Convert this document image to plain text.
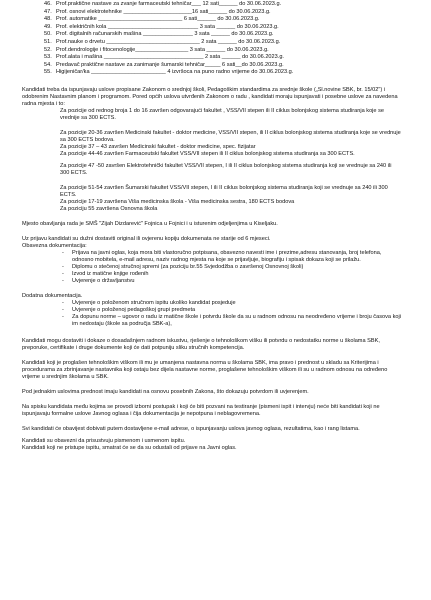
46. Prof.praktične nastave za zvanje farmaceutski tehničar___ 12 sati______ do 30.06.2023.g.
47. Prof. osnovi elektrotehnike ______________________16 sati______ do 30.06.2023.g.
48. Prof. automatike ___________________________ 6 sati______ do 30.06.2023.g.
49. Prof. električnih kola _____________________________ 3 sata ______ do 30.06.2023.g.
50. Prof. digitalnih računarskih mašina ________________ 3 sata ______ do 30.06.2023.g.
51. Prof.nauke o drvetu ______________________________ 2 sata ______ do 30.06.2023.g.
52. Prof.dendrologije i fitocenologije_________________ 3 sata ______ do 30.06.2023.g.
53. Prof.alata i mašina ________________________________ 2 sata ______ do 30.06.2023.g.
54. Predavač praktične nastave za zanimanje šumarski tehničar_____ 6 sati__do 30.06.2023.g.
55. Higijeničar/ka ________________________ 4 izvršoca na puno radno vrijeme do 30.06.2023.g.

Kandidati treba da ispunjavaju uslove propisane Zakonom o srednjoj školi, Pedagoškim standardima za srednje škole („Sl.novine SBK, br. 15/02") i odobrenim Nastavnim planom i programom. Pored općih uslova utvrđenih Zakonom o radu , kandidati moraju ispunjavati i posebne uslove za navedena radna mjesta i to:

Za pozicije od rednog broja 1 do 16 završen odgovarajući fakultet , VSS/VII stepen ili II ciklus bolonjskog sistema studiranja koje se vrednije sa 300 ECTS.

Za pozicije 20-36 završen Medicinski fakultet - doktor medicine, VSS/VII stepen, ili II ciklus bolonjskog sistema studiranja koje se vrednuje sa 300 ECTS bodova.

Za pozicije 37 – 43 završen Medicinski fakultet - doktor medicine, spec. fizijatar

Za pozicije 44-46 završen Farmaceutski fakultet VSS/VII stepen ili II ciklus bolonjskog sistema studiranja sa 300 ECTS.

Za pozicije 47 -50 završen Elektrotehnički fakultet VSS/VII stepen, I ili II ciklus bolonjskog sistema studiranja koji se vrednuje sa 240 ili 300 ECTS.

Za pozicije 51-54 završen Šumarski fakultet VSS/VII stepen, I ili II ciklus bolonjskog sistema studiranja koji se vrednuje sa 240 ili 300 ECTS.

Za pozicije 17-19 završena Viša medicinska škola - Viša medicinska sestra, 180 ECTS bodova

Za poziciju 55 završena Osnovna škola

Mjesto obavljanja rada je SMŠ "Zijah Dizdarević" Fojnica u Fojnici i u isturenim odjeljenjima u Kiseljaku.

Uz prijavu kandidati su dužni dostaviti original ili ovjerenu kopiju dokumenata ne starije od 6 mjeseci.

Obavezna dokumentacija:

-	Prijava na javni oglas, koja mora biti vlastoručno potpisana, obavezno navesti ime i prezime,adresu stanovanja, broj telefona, odnosno mobitela, e-mail adresu, naziv radnog mjesta na koje se prijavljuje, biografiju i spisak dokaza koji se prilažu.
-	Diplomu o stečenoj stručnoj spremi (za poziciju br.55 Svjedodžba o završenoj Osnovnoj školi)
-	Izvod iz matične knjige rođenih
-	Uvjerenje o državljanstvu

Dodatna dokumentacija.

-	Uvjerenje o položenom stručnom ispitu ukoliko kandidat posjeduje
-	Uvjerenje o položenoj pedagoškoj grupi predmeta
-	Za dopunu norme – ugovor o radu iz matične škole i potvrdu škole da su u radnom odnosu na neodređeno vrijeme i broju časova koji im nedostaju (škole sa područja SBK-a),

Kandidati mogu dostaviti i dokaze o dosadašnjem radnom iskustvu, rješenje o tehnološkom višku ili potvrdu o nedostatku norme u školama SBK, preporuke, certifikate i druge dokumente koji će dati potpuniju sliku stručnih kompetencija.

Kandidati koji je proglašen tehnološkim viškom ili mu je umanjena nastavna norma u školama SBK, ima pravo i prednost u skladu sa Kriterijima i procedurama za zbrinjavanje nastavnika koji ostaju bez dijela nastavne norme, proglašene tehnološkim viškom ili su u radnom odnosu na određeno vrijeme u srednjim školama u SBK.

Pod jednakim uslovima prednost imaju kandidati na osnovu posebnih Zakona, što dokazuju potvrdom ili uvjerenjem.

Na spisku kandidata među kojima se provodi izborni postupak i koji će biti pozvani na testiranje (pismeni ispit i intervju) neće biti kandidati koji ne ispunjavaju formalne uslove Javnog oglasa i čija dokumentacija je nepotpuna i neblagovremena.

Svi kandidati će obavijest dobivati putem dostavljene e-mail adrese, o ispunjavanju uslova javnog oglasa, rezultatima, kao i rang listama.

Kandidati su obavezni da prisustvuju pismenom i usmenom ispitu.

Kandidati koji ne pristupe ispitu, smatrat će se da su odustali od prijave na Javni oglas.
